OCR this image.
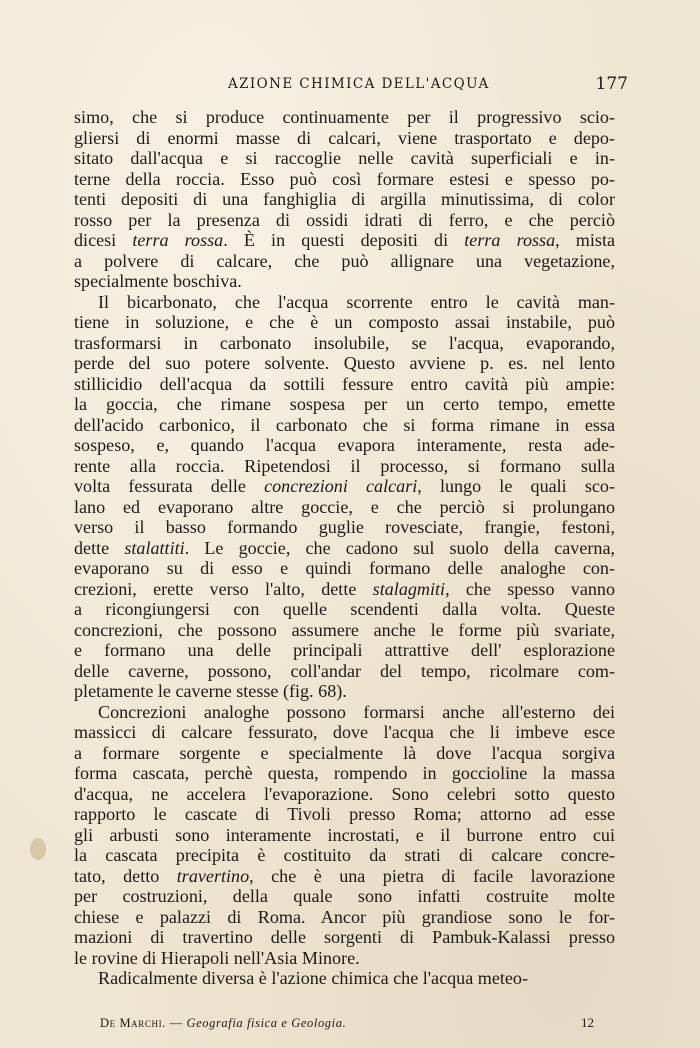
AZIONE CHIMICA DELL'ACQUA	177
simo, che si produce continuamente per il progressivo scio-
gliersi di enormi masse di calcari, viene trasportato e depo-
sitato dall'acqua e si raccoglie nelle cavità superficiali e in-
terne della roccia. Esso può così formare estesi e spesso po-
tenti depositi di una fanghiglia di argilla minutissima, di color
rosso per la presenza di ossidi idrati di ferro, e che perciò
dicesi terra rossa. È in questi depositi di terra rossa, mista
a polvere di calcare, che può allignare una vegetazione,
specialmente boschiva.
Il bicarbonato, che l'acqua scorrente entro le cavità man-
tiene in soluzione, e che è un composto assai instabile, può
trasformarsi in carbonato insolubile, se l'acqua, evaporando,
perde del suo potere solvente. Questo avviene p. es. nel lento
stillicidio dell'acqua da sottili fessure entro cavità più ampie:
la goccia, che rimane sospesa per un certo tempo, emette
dell'acido carbonico, il carbonato che si forma rimane in essa
sospeso, e, quando l'acqua evapora interamente, resta ade-
rente alla roccia. Ripetendosi il processo, si formano sulla
volta fessurata delle concrezioni calcari, lungo le quali sco-
lano ed evaporano altre goccie, e che perciò si prolungano
verso il basso formando guglie rovesciate, frangie, festoni,
dette stalattiti. Le goccie, che cadono sul suolo della caverna,
evaporano su di esso e quindi formano delle analoghe con-
crezioni, erette verso l'alto, dette stalagmiti, che spesso vanno
a ricongiungersi con quelle scendenti dalla volta. Queste
concrezioni, che possono assumere anche le forme più svariate,
e formano una delle principali attrattive dell' esplorazione
delle caverne, possono, coll'andar del tempo, ricolmare com-
pletamente le caverne stesse (fig. 68).
Concrezioni analoghe possono formarsi anche all'esterno dei
massicci di calcare fessurato, dove l'acqua che li imbeve esce
a formare sorgente e specialmente là dove l'acqua sorgiva
forma cascata, perchè questa, rompendo in goccioline la massa
d'acqua, ne accelera l'evaporazione. Sono celebri sotto questo
rapporto le cascate di Tivoli presso Roma; attorno ad esse
gli arbusti sono interamente incrostati, e il burrone entro cui
la cascata precipita è costituito da strati di calcare concre-
tato, detto travertino, che è una pietra di facile lavorazione
per costruzioni, della quale sono infatti costruite molte
chiese e palazzi di Roma. Ancor più grandiose sono le for-
mazioni di travertino delle sorgenti di Pambuk-Kalassi presso
le rovine di Hierapoli nell'Asia Minore.
Radicalmente diversa è l'azione chimica che l'acqua meteo-
De Marchi. — Geografia fisica e Geologia.	12
